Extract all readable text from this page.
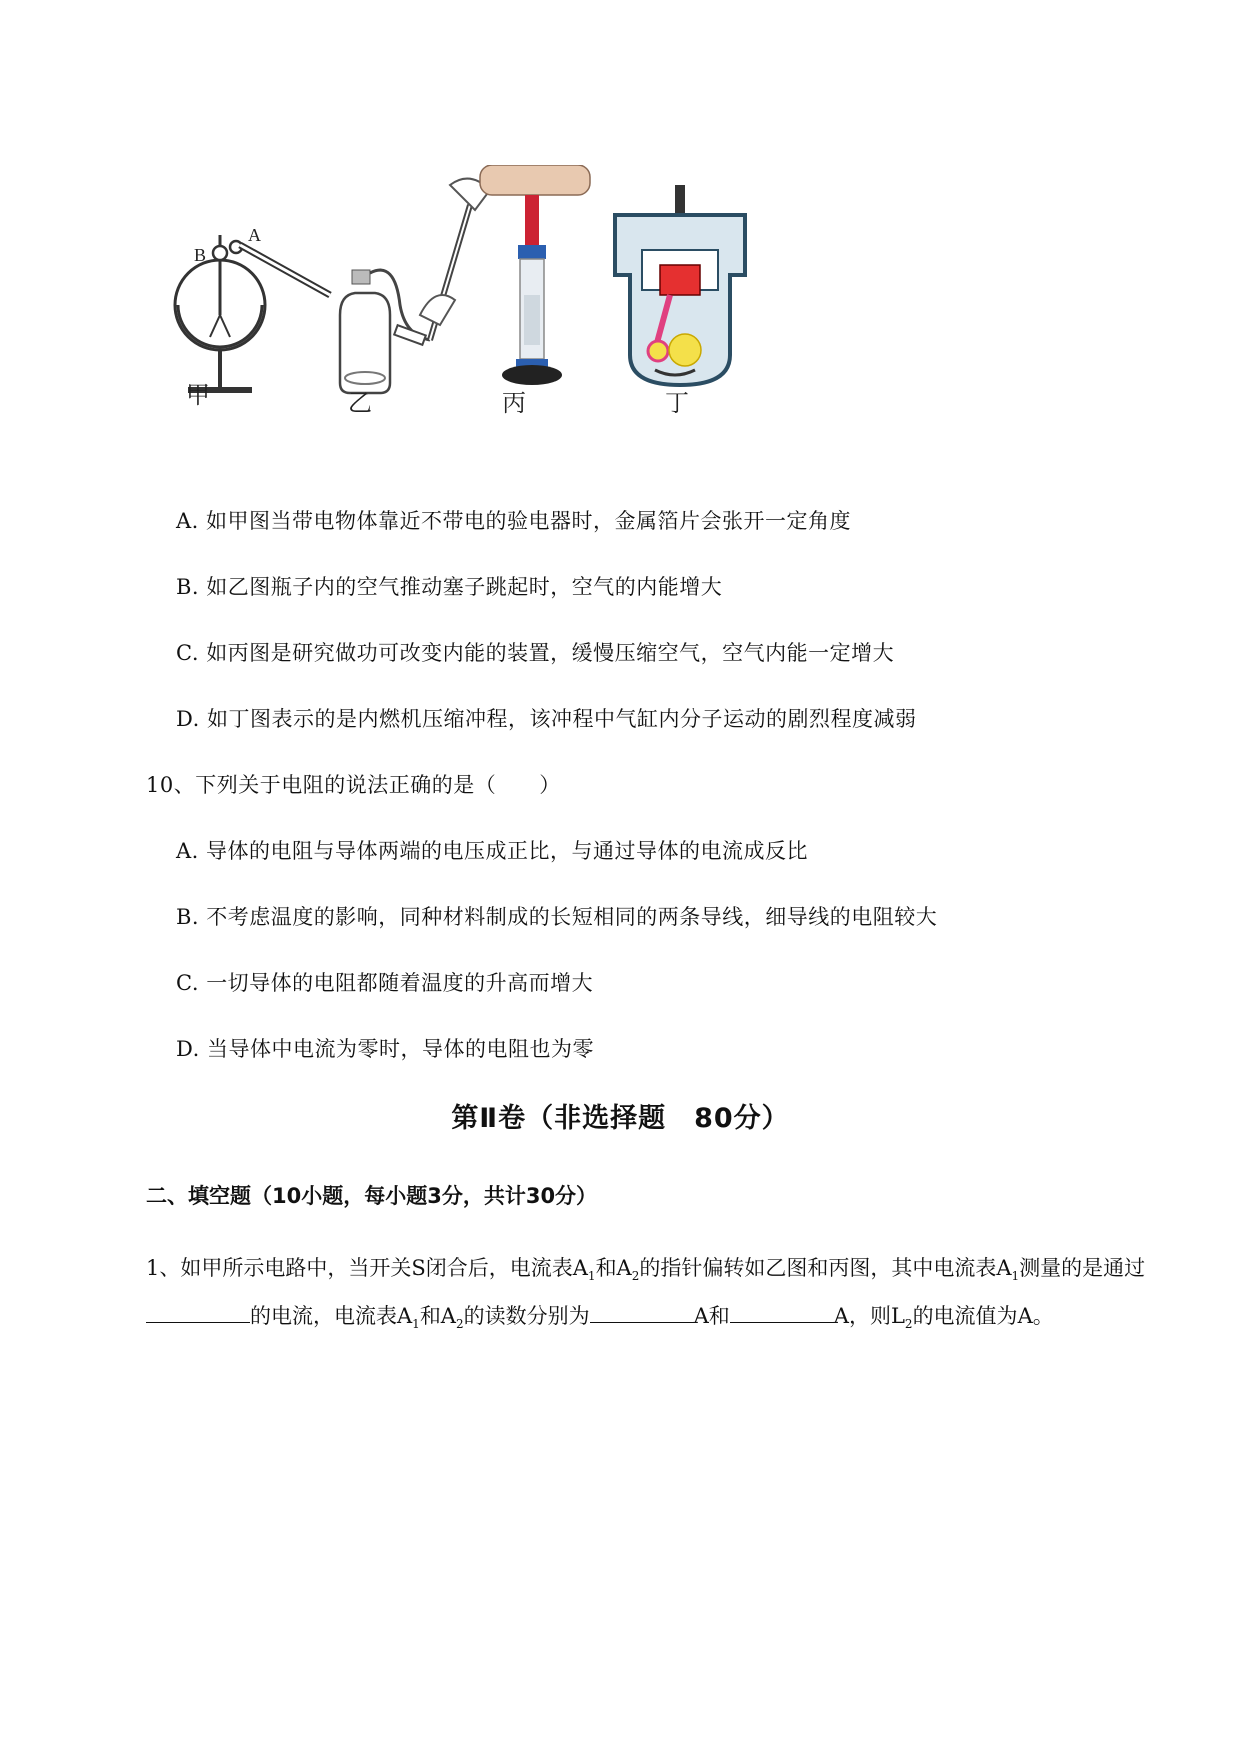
B
A
甲	乙	丙	丁
A. 如甲图当带电物体靠近不带电的验电器时，金属箔片会张开一定角度
B. 如乙图瓶子内的空气推动塞子跳起时，空气的内能增大
C. 如丙图是研究做功可改变内能的装置，缓慢压缩空气，空气内能一定增大
D. 如丁图表示的是内燃机压缩冲程，该冲程中气缸内分子运动的剧烈程度减弱
10、下列关于电阻的说法正确的是（　　）
A. 导体的电阻与导体两端的电压成正比，与通过导体的电流成反比
B. 不考虑温度的影响，同种材料制成的长短相同的两条导线，细导线的电阻较大
C. 一切导体的电阻都随着温度的升高而增大
D. 当导体中电流为零时，导体的电阻也为零
第Ⅱ卷（非选择题　80分）
二、填空题（10小题，每小题3分，共计30分）
1、如甲所示电路中，当开关S闭合后，电流表$A_1$和$A_2$的指针偏转如乙图和丙图，其中电流表$A_1$测量的是通过的电流，电流表$A_1$和$A_2$的读数分别为	A和	A，则$L_2$的电流值为A。
